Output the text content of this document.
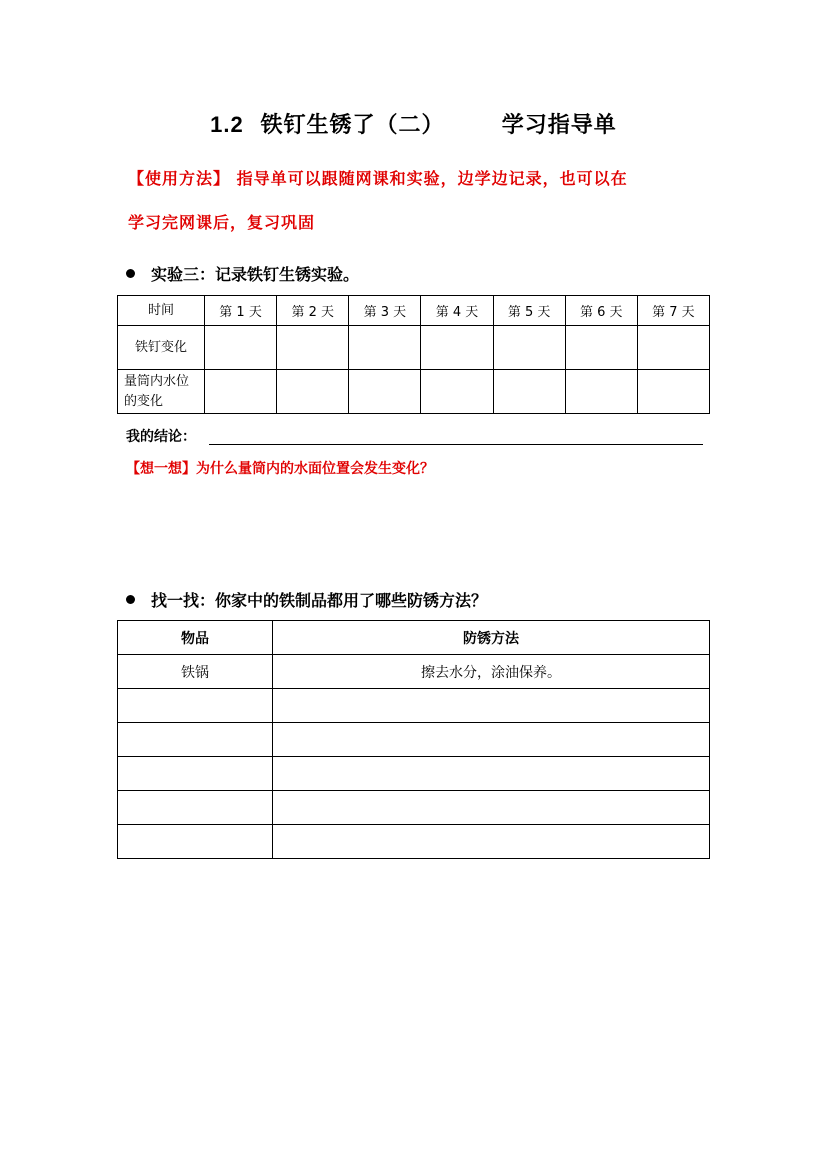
1.2 铁钉生锈了（二）	学习指导单
【使用方法】 指导单可以跟随网课和实验，边学边记录，也可以在
学习完网课后，复习巩固
实验三：记录铁钉生锈实验。
时间	第 1 天	第 2 天	第 3 天	第 4 天	第 5 天	第 6 天	第 7 天
铁钉变化							
量筒内水位的变化							
我的结论：
【想一想】为什么量筒内的水面位置会发生变化？
找一找：你家中的铁制品都用了哪些防锈方法？
物品	防锈方法
铁锅	擦去水分，涂油保养。
